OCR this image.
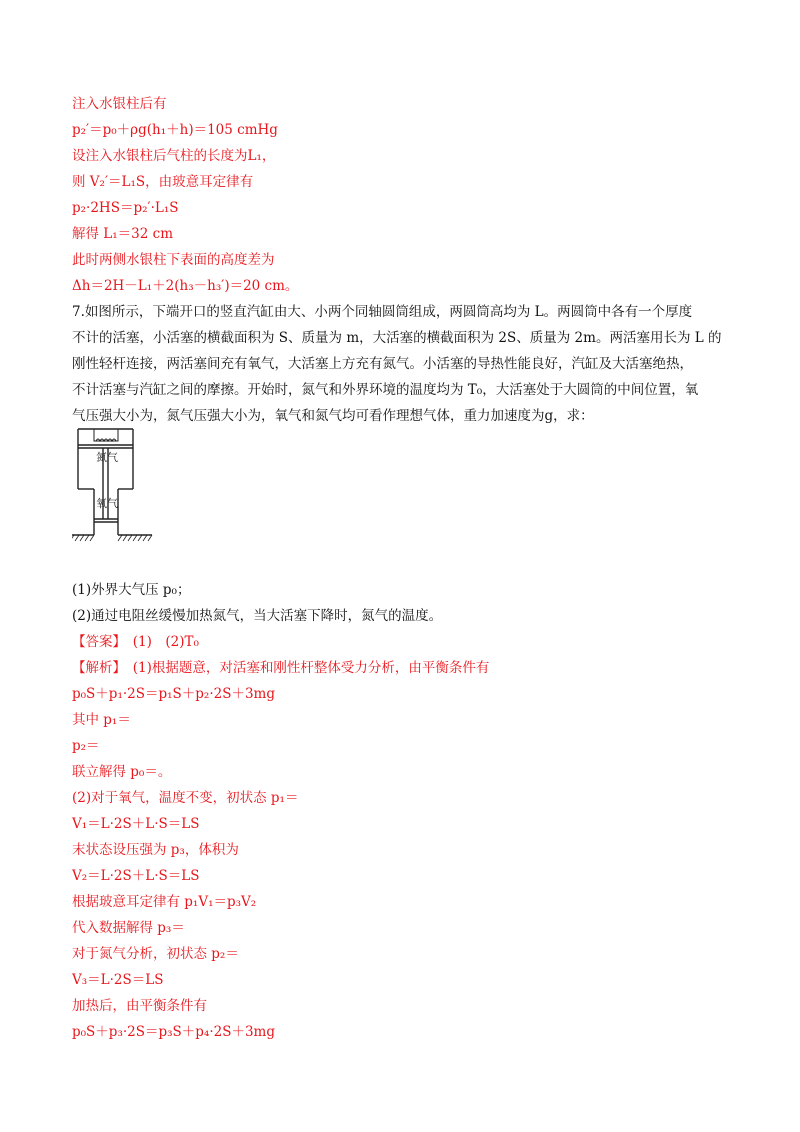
注入水银柱后有
p₂′＝p₀＋ρg(h₁＋h)＝105 cmHg
设注入水银柱后气柱的长度为L₁，
则 V₂′＝L₁S，由玻意耳定律有
p₂·2HS＝p₂′·L₁S
解得 L₁＝32 cm
此时两侧水银柱下表面的高度差为
Δh＝2H－L₁＋2(h₃－h₃′)＝20 cm。
7.如图所示，下端开口的竖直汽缸由大、小两个同轴圆筒组成，两圆筒高均为 L。两圆筒中各有一个厚度
不计的活塞，小活塞的横截面积为 S、质量为 m，大活塞的横截面积为 2S、质量为 2m。两活塞用长为 L 的
刚性轻杆连接，两活塞间充有氧气，大活塞上方充有氮气。小活塞的导热性能良好，汽缸及大活塞绝热，
不计活塞与汽缸之间的摩擦。开始时，氮气和外界环境的温度均为 T₀，大活塞处于大圆筒的中间位置，氧
气压强大小为，氮气压强大小为，氧气和氮气均可看作理想气体，重力加速度为g，求：
氮气
氧气
(1)外界大气压 p₀；
(2)通过电阻丝缓慢加热氮气，当大活塞下降时，氮气的温度。
【答案】　(1)　(2)T₀
【解析】　(1)根据题意，对活塞和刚性杆整体受力分析，由平衡条件有
p₀S＋p₁·2S＝p₁S＋p₂·2S＋3mg
其中 p₁＝
p₂＝
联立解得 p₀＝。
(2)对于氧气，温度不变，初状态 p₁＝
V₁＝L·2S＋L·S＝LS
末状态设压强为 p₃，体积为
V₂＝L·2S＋L·S＝LS
根据玻意耳定律有 p₁V₁＝p₃V₂
代入数据解得 p₃＝
对于氮气分析，初状态 p₂＝
V₃＝L·2S＝LS
加热后，由平衡条件有
p₀S＋p₃·2S＝p₃S＋p₄·2S＋3mg
